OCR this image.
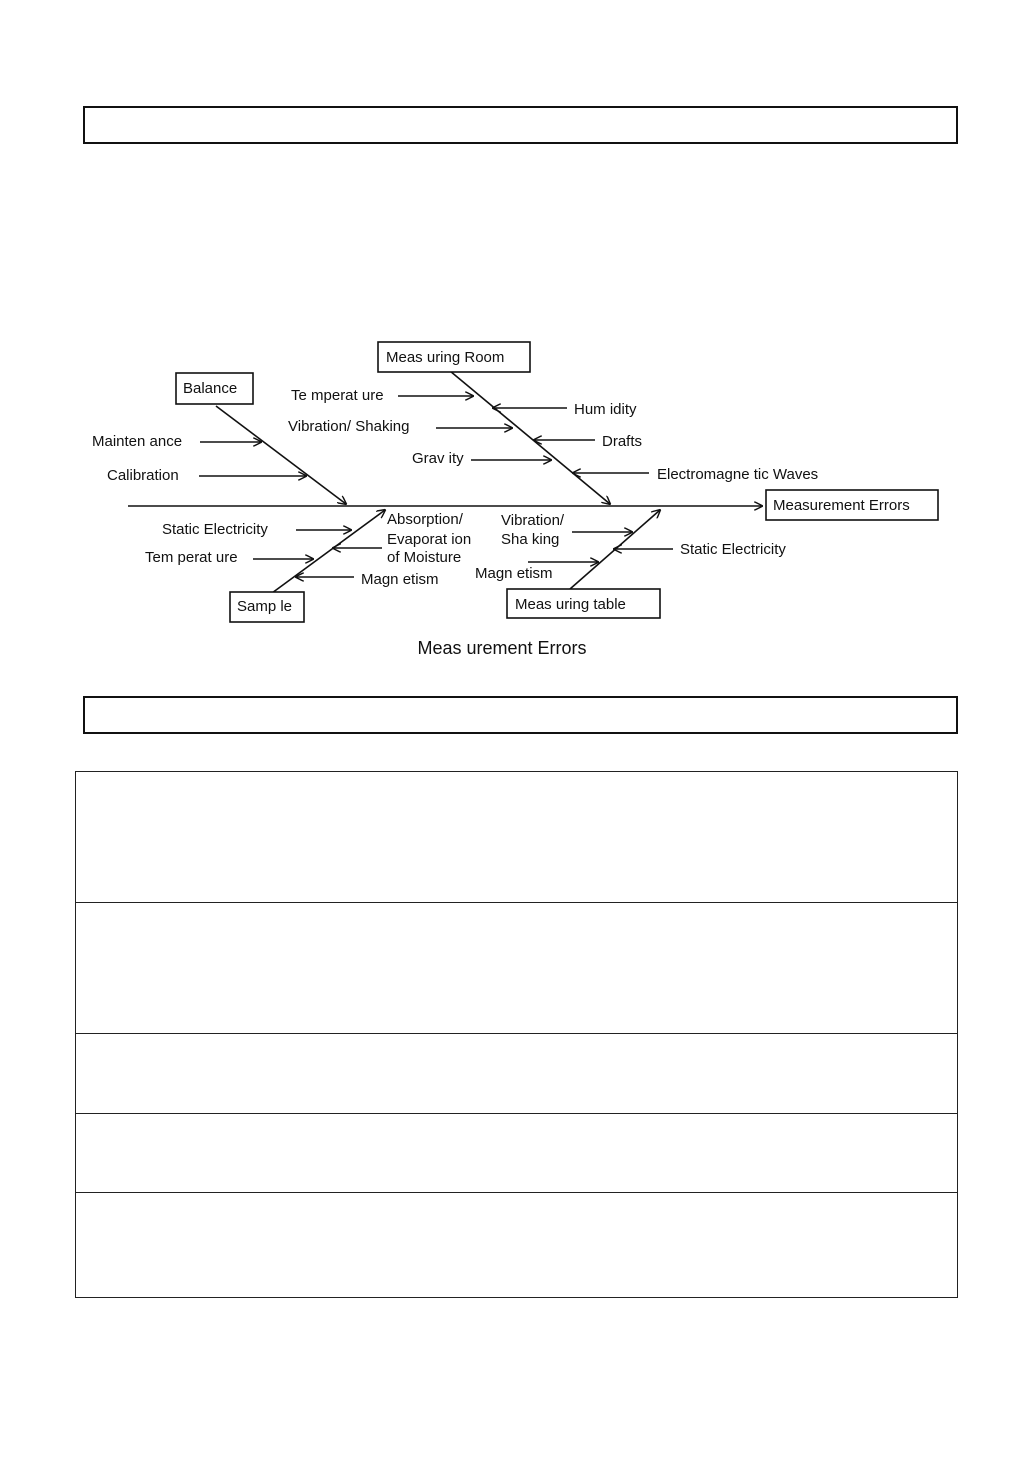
Balance
Meas uring Room
Samp le	Meas uring table
Measurement Errors
Mainten ance
Calibration
Te mperat ure
Vibration/ Shaking
Grav ity
Hum idity
Drafts
Electromagne tic Waves
Static Electricity
Tem perat ure
Absorption/
Evaporat ion
of Moisture
Magn etism
Vibration/
Sha king
Magn etism
Static Electricity
Meas urement Errors
